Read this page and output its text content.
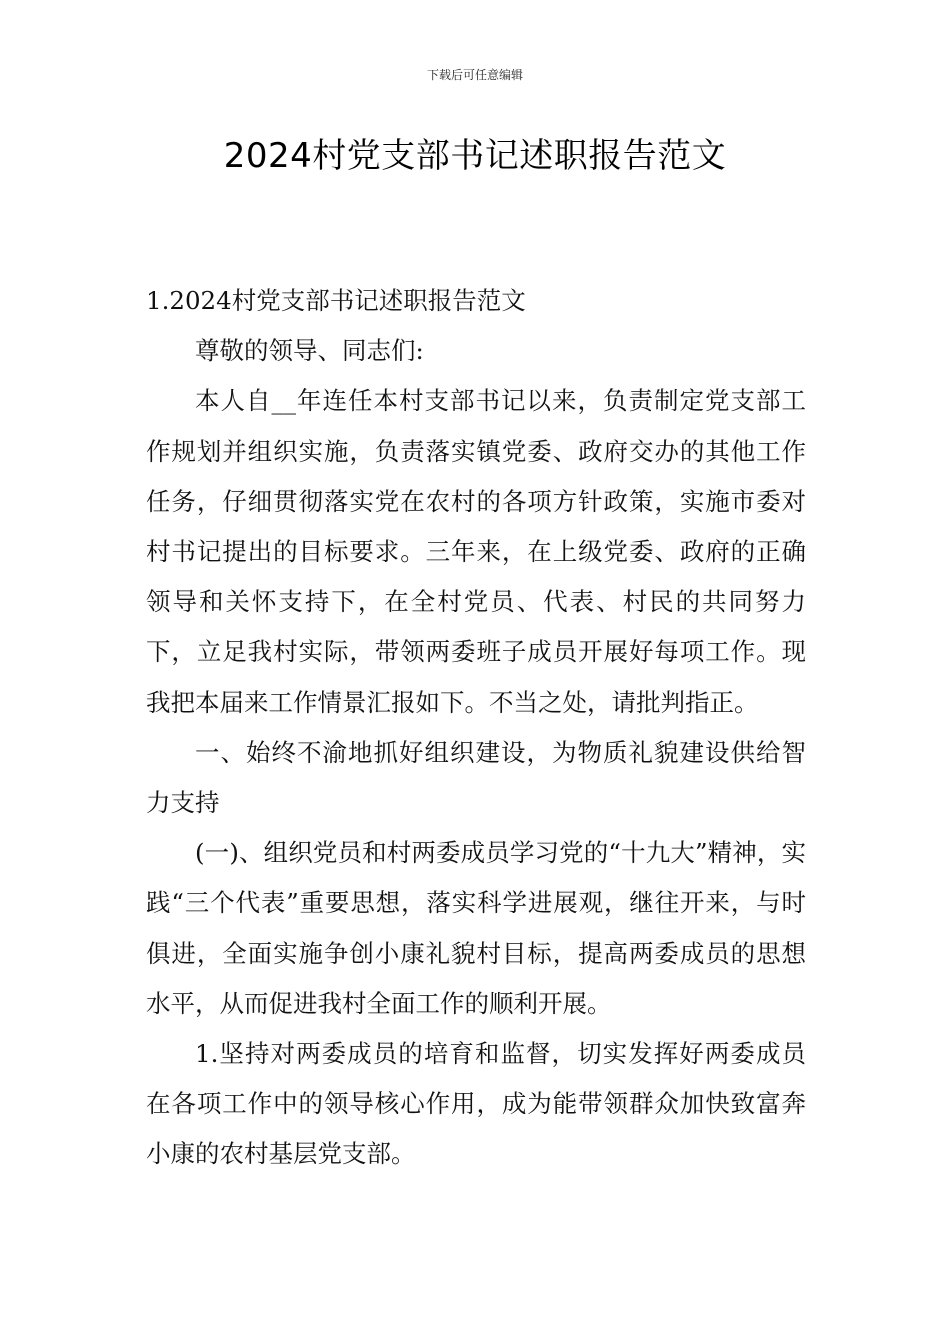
下载后可任意编辑
2024村党支部书记述职报告范文

1.2024村党支部书记述职报告范文

尊敬的领导、同志们:

本人自__年连任本村支部书记以来，负责制定党支部工作规划并组织实施，负责落实镇党委、政府交办的其他工作任务，仔细贯彻落实党在农村的各项方针政策，实施市委对村书记提出的目标要求。三年来，在上级党委、政府的正确领导和关怀支持下，在全村党员、代表、村民的共同努力下，立足我村实际，带领两委班子成员开展好每项工作。现我把本届来工作情景汇报如下。不当之处，请批判指正。

一、始终不渝地抓好组织建设，为物质礼貌建设供给智力支持

(一)、组织党员和村两委成员学习党的“十九大”精神，实践“三个代表”重要思想，落实科学进展观，继往开来，与时俱进，全面实施争创小康礼貌村目标，提高两委成员的思想水平，从而促进我村全面工作的顺利开展。

1.坚持对两委成员的培育和监督，切实发挥好两委成员在各项工作中的领导核心作用，成为能带领群众加快致富奔小康的农村基层党支部。
